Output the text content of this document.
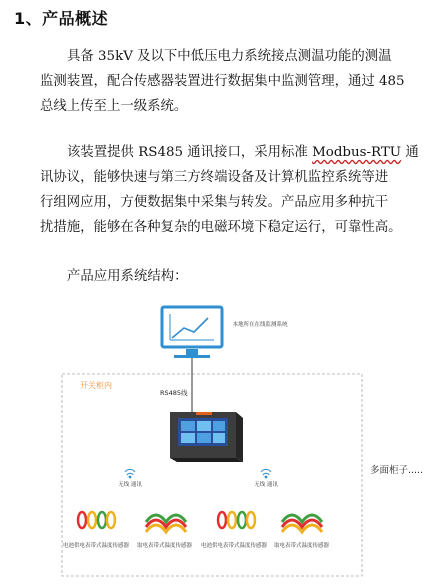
1、产品概述
具备 35kV 及以下中低压电力系统接点测温功能的测温
监测装置，配合传感器装置进行数据集中监测管理，通过 485
总线上传至上一级系统。
该装置提供 RS485 通讯接口，采用标准 Modbus-RTU 通
讯协议，能够快速与第三方终端设备及计算机监控系统等进
行组网应用，方便数据集中采集与转发。产品应用多种抗干
扰措施，能够在各种复杂的电磁环境下稳定运行，可靠性高。
产品应用系统结构：
本地所在在线监测系统
开关柜内
RS485线
无线 通讯	无线 通讯
多面柜子.....
电池供电表带式温度传感器 取电表带式温度传感器 电池供电表带式温度传感器 取电表带式温度传感器
